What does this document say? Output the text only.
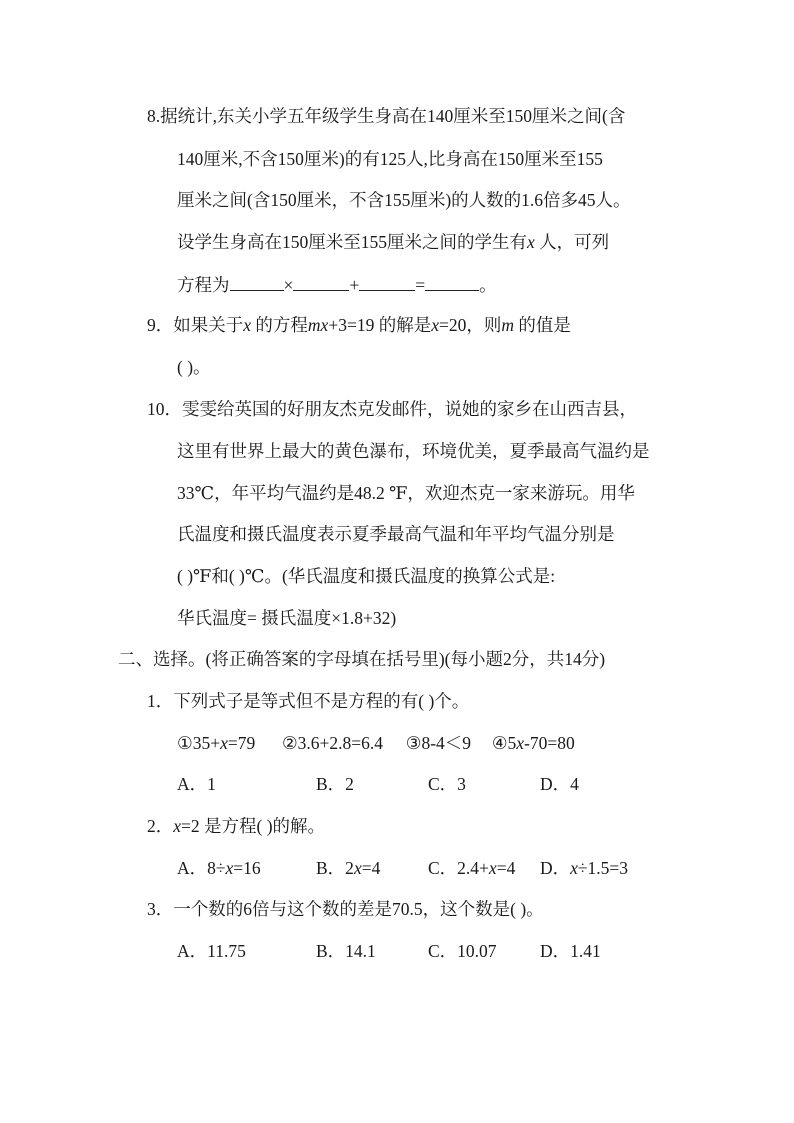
8.据统计,东关小学五年级学生身高在140厘米至150厘米之间(含
140厘米,不含150厘米)的有125人,比身高在150厘米至155
厘米之间(含150厘米，不含155厘米)的人数的1.6倍多45人。
设学生身高在150厘米至155厘米之间的学生有x 人，可列
方程为	×	+	=	。
9．如果关于x 的方程mx+3=19 的解是x=20，则m 的值是
( )。
10．雯雯给英国的好朋友杰克发邮件，说她的家乡在山西吉县，
这里有世界上最大的黄色瀑布，环境优美，夏季最高气温约是
33℃，年平均气温约是48.2 ℉，欢迎杰克一家来游玩。用华
氏温度和摄氏温度表示夏季最高气温和年平均气温分别是
( )℉和( )℃。(华氏温度和摄氏温度的换算公式是:
华氏温度= 摄氏温度×1.8+32)
二、选择。(将正确答案的字母填在括号里)(每小题2分，共14分)
1．下列式子是等式但不是方程的有( )个。
①35+x=79 ②3.6+2.8=6.4 ③8-4＜9 ④5x-70=80
A．1	B．2	C．3	D．4
2．x=2 是方程( )的解。
A．8÷x=16	B．2x=4	C．2.4+x=4 D．x÷1.5=3
3．一个数的6倍与这个数的差是70.5，这个数是( )。
A．11.75	B．14.1	C．10.07 D．1.41
